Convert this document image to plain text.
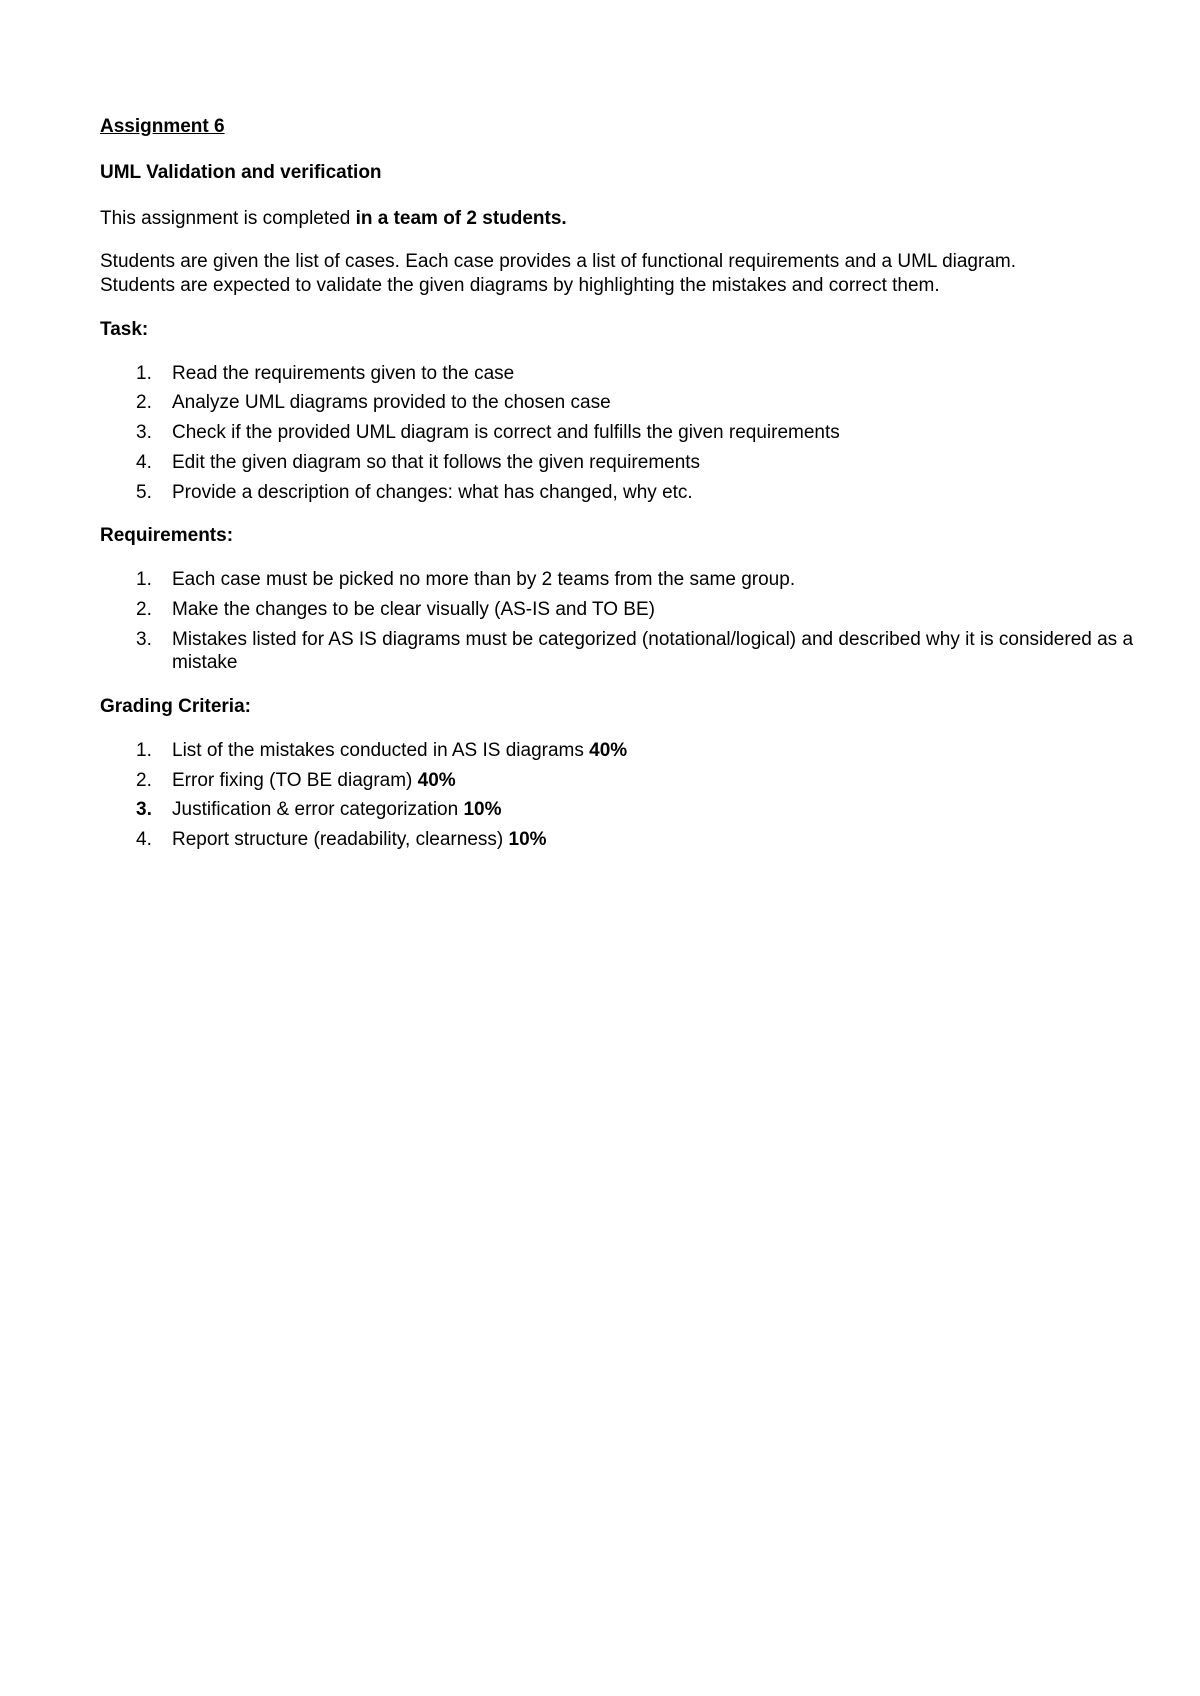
Assignment 6

UML Validation and verification

This assignment is completed in a team of 2 students.

Students are given the list of cases. Each case provides a list of functional requirements and a UML diagram.
Students are expected to validate the given diagrams by highlighting the mistakes and correct them.

Task:

1. Read the requirements given to the case
2. Analyze UML diagrams provided to the chosen case
3. Check if the provided UML diagram is correct and fulfills the given requirements
4. Edit the given diagram so that it follows the given requirements
5. Provide a description of changes: what has changed, why etc.

Requirements:

1. Each case must be picked no more than by 2 teams from the same group.
2. Make the changes to be clear visually (AS-IS and TO BE)
3. Mistakes listed for AS IS diagrams must be categorized (notational/logical) and described why it is considered as a mistake

Grading Criteria:

1. List of the mistakes conducted in AS IS diagrams 40%
2. Error fixing (TO BE diagram) 40%
3. Justification & error categorization 10%
4. Report structure (readability, clearness) 10%
